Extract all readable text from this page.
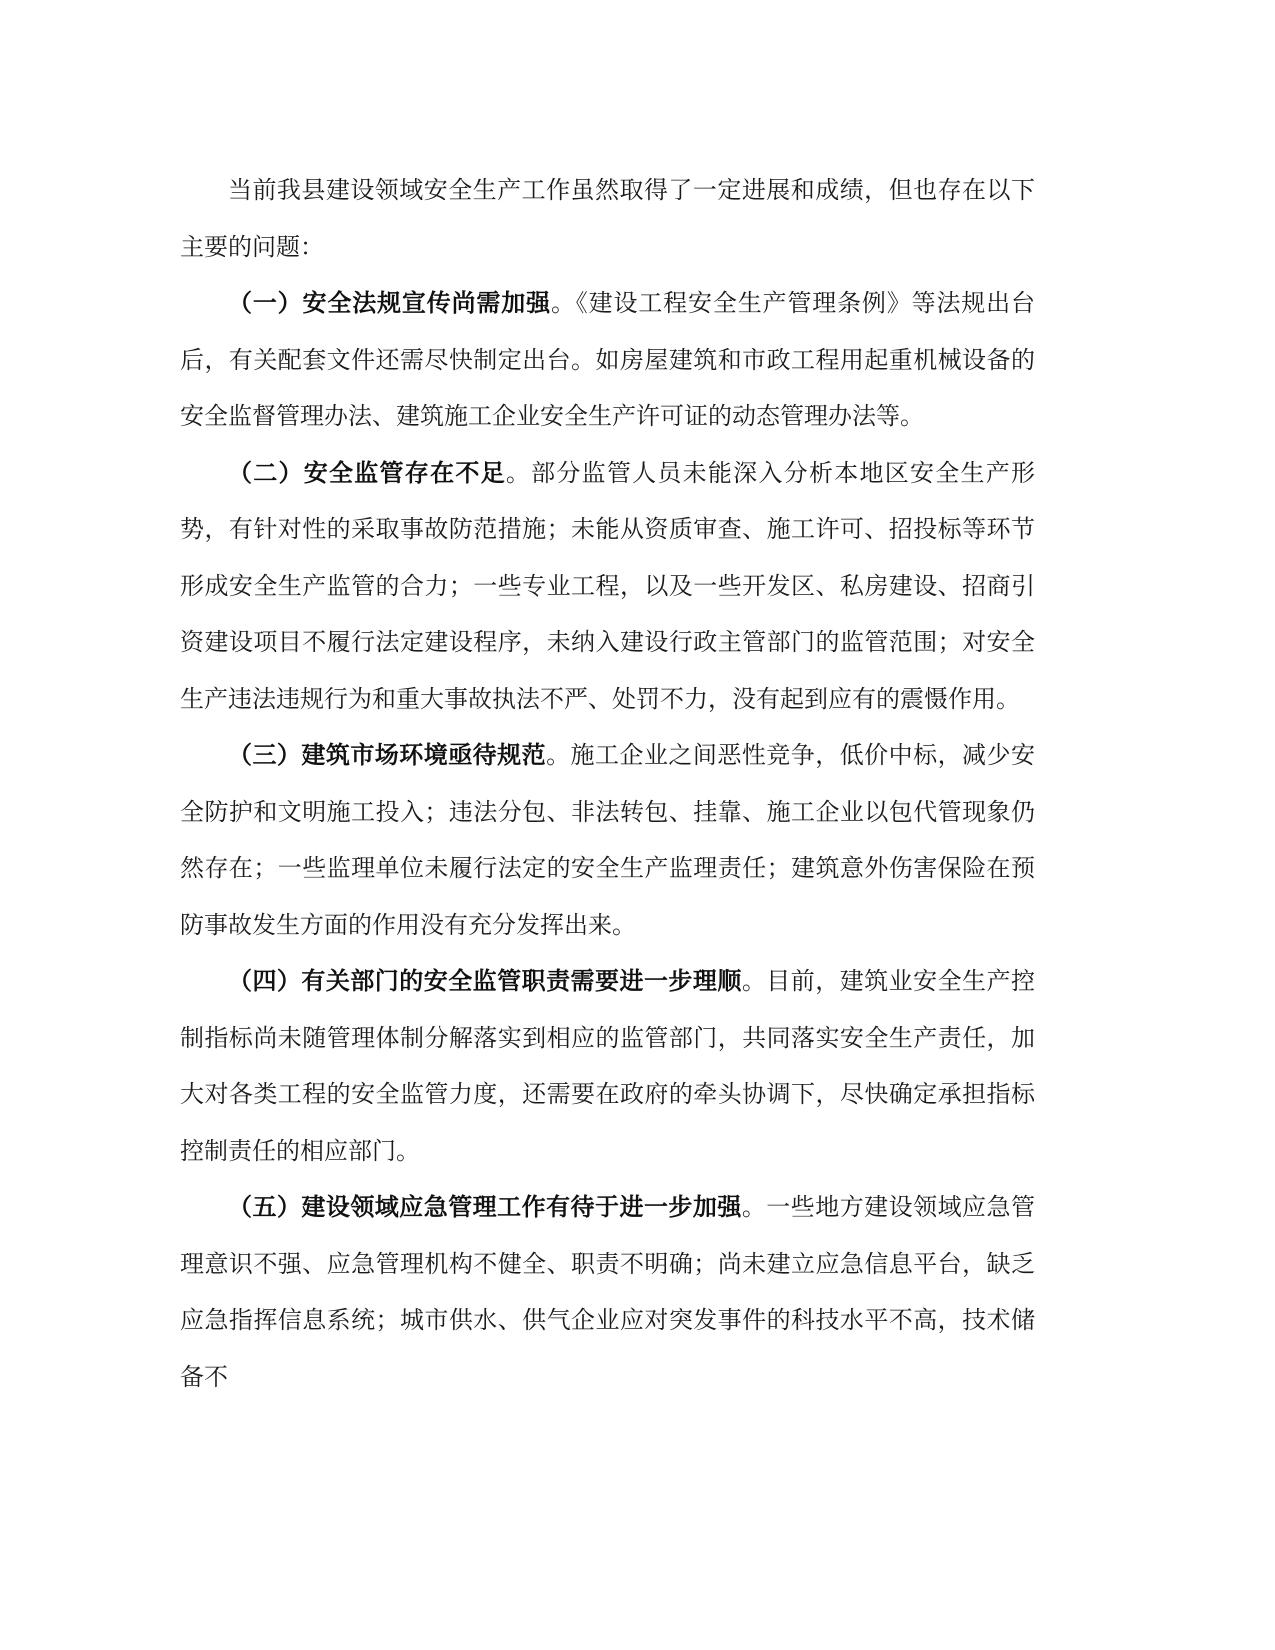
当前我县建设领域安全生产工作虽然取得了一定进展和成绩，但也存在以下主要的问题：

（一）安全法规宣传尚需加强。《建设工程安全生产管理条例》等法规出台后，有关配套文件还需尽快制定出台。如房屋建筑和市政工程用起重机械设备的安全监督管理办法、建筑施工企业安全生产许可证的动态管理办法等。

（二）安全监管存在不足。部分监管人员未能深入分析本地区安全生产形势，有针对性的采取事故防范措施；未能从资质审查、施工许可、招投标等环节形成安全生产监管的合力；一些专业工程，以及一些开发区、私房建设、招商引资建设项目不履行法定建设程序，未纳入建设行政主管部门的监管范围；对安全生产违法违规行为和重大事故执法不严、处罚不力，没有起到应有的震慑作用。

（三）建筑市场环境亟待规范。施工企业之间恶性竞争，低价中标，减少安全防护和文明施工投入；违法分包、非法转包、挂靠、施工企业以包代管现象仍然存在；一些监理单位未履行法定的安全生产监理责任；建筑意外伤害保险在预防事故发生方面的作用没有充分发挥出来。

（四）有关部门的安全监管职责需要进一步理顺。目前，建筑业安全生产控制指标尚未随管理体制分解落实到相应的监管部门，共同落实安全生产责任，加大对各类工程的安全监管力度，还需要在政府的牵头协调下，尽快确定承担指标控制责任的相应部门。

（五）建设领域应急管理工作有待于进一步加强。一些地方建设领域应急管理意识不强、应急管理机构不健全、职责不明确；尚未建立应急信息平台，缺乏应急指挥信息系统；城市供水、供气企业应对突发事件的科技水平不高，技术储备不
